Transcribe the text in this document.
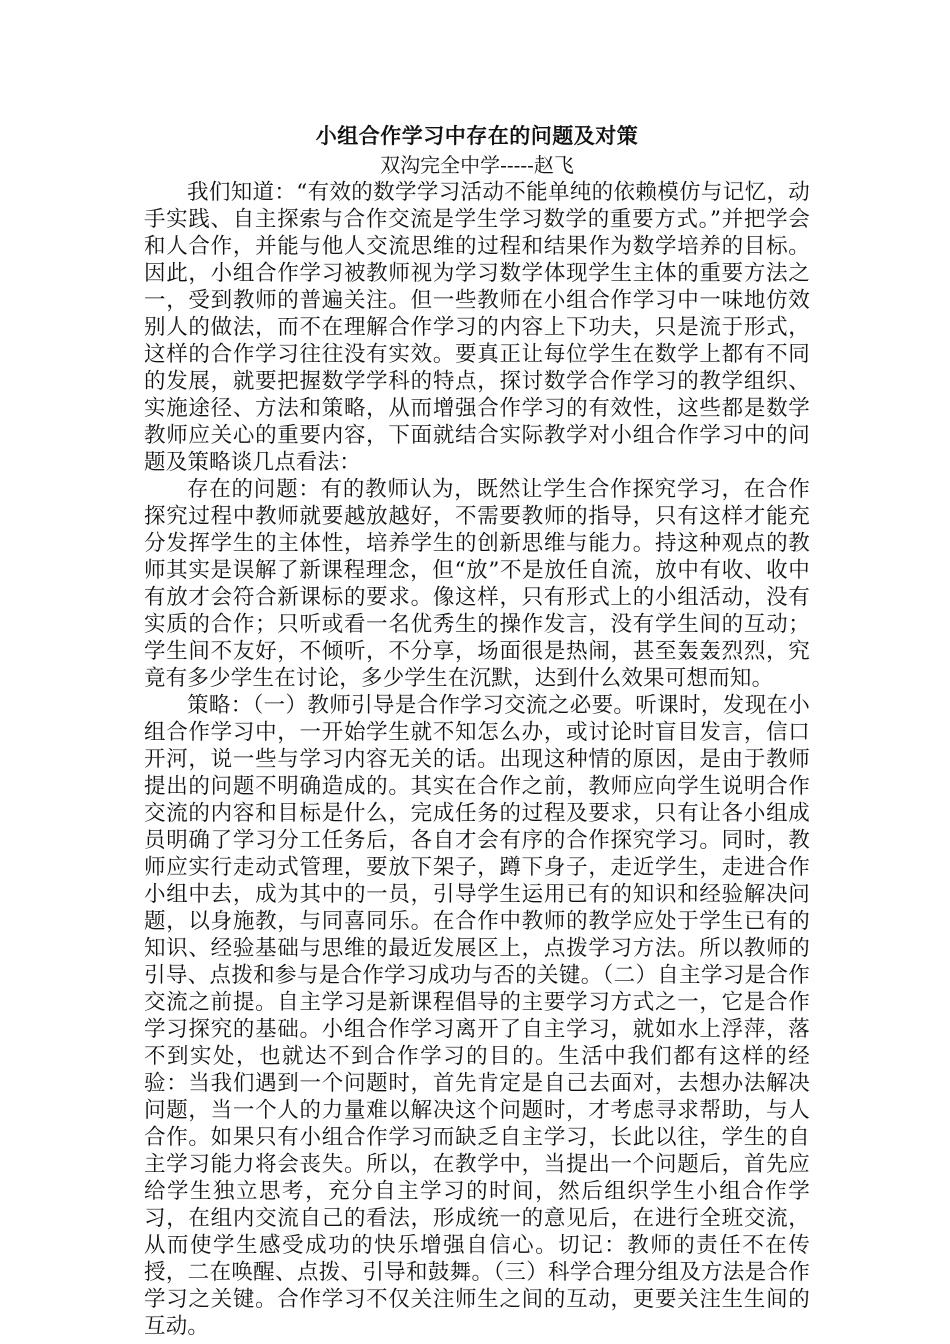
小组合作学习中存在的问题及对策

双沟完全中学-----赵飞

我们知道：“有效的数学学习活动不能单纯的依赖模仿与记忆，动手实践、自主探索与合作交流是学生学习数学的重要方式。”并把学会和人合作，并能与他人交流思维的过程和结果作为数学培养的目标。因此，小组合作学习被教师视为学习数学体现学生主体的重要方法之一，受到教师的普遍关注。但一些教师在小组合作学习中一味地仿效别人的做法，而不在理解合作学习的内容上下功夫，只是流于形式，这样的合作学习往往没有实效。要真正让每位学生在数学上都有不同的发展，就要把握数学学科的特点，探讨数学合作学习的教学组织、实施途径、方法和策略，从而增强合作学习的有效性，这些都是数学教师应关心的重要内容，下面就结合实际教学对小组合作学习中的问题及策略谈几点看法：

存在的问题：有的教师认为，既然让学生合作探究学习，在合作探究过程中教师就要越放越好，不需要教师的指导，只有这样才能充分发挥学生的主体性，培养学生的创新思维与能力。持这种观点的教师其实是误解了新课程理念，但“放”不是放任自流，放中有收、收中有放才会符合新课标的要求。像这样，只有形式上的小组活动，没有实质的合作；只听或看一名优秀生的操作发言，没有学生间的互动；学生间不友好，不倾听，不分享，场面很是热闹，甚至轰轰烈烈，究竟有多少学生在讨论，多少学生在沉默，达到什么效果可想而知。

策略：（一）教师引导是合作学习交流之必要。听课时，发现在小组合作学习中，一开始学生就不知怎么办，或讨论时盲目发言，信口开河，说一些与学习内容无关的话。出现这种情的原因，是由于教师提出的问题不明确造成的。其实在合作之前，教师应向学生说明合作交流的内容和目标是什么，完成任务的过程及要求，只有让各小组成员明确了学习分工任务后，各自才会有序的合作探究学习。同时，教师应实行走动式管理，要放下架子，蹲下身子，走近学生，走进合作小组中去，成为其中的一员，引导学生运用已有的知识和经验解决问题，以身施教，与同喜同乐。在合作中教师的教学应处于学生已有的知识、经验基础与思维的最近发展区上，点拨学习方法。所以教师的引导、点拨和参与是合作学习成功与否的关键。（二）自主学习是合作交流之前提。自主学习是新课程倡导的主要学习方式之一，它是合作学习探究的基础。小组合作学习离开了自主学习，就如水上浮萍，落不到实处，也就达不到合作学习的目的。生活中我们都有这样的经验：当我们遇到一个问题时，首先肯定是自己去面对，去想办法解决问题，当一个人的力量难以解决这个问题时，才考虑寻求帮助，与人合作。如果只有小组合作学习而缺乏自主学习，长此以往，学生的自主学习能力将会丧失。所以，在教学中，当提出一个问题后，首先应给学生独立思考，充分自主学习的时间，然后组织学生小组合作学习，在组内交流自己的看法，形成统一的意见后，在进行全班交流，从而使学生感受成功的快乐增强自信心。切记：教师的责任不在传授，二在唤醒、点拨、引导和鼓舞。（三）科学合理分组及方法是合作学习之关键。合作学习不仅关注师生之间的互动，更要关注生生间的互动。
